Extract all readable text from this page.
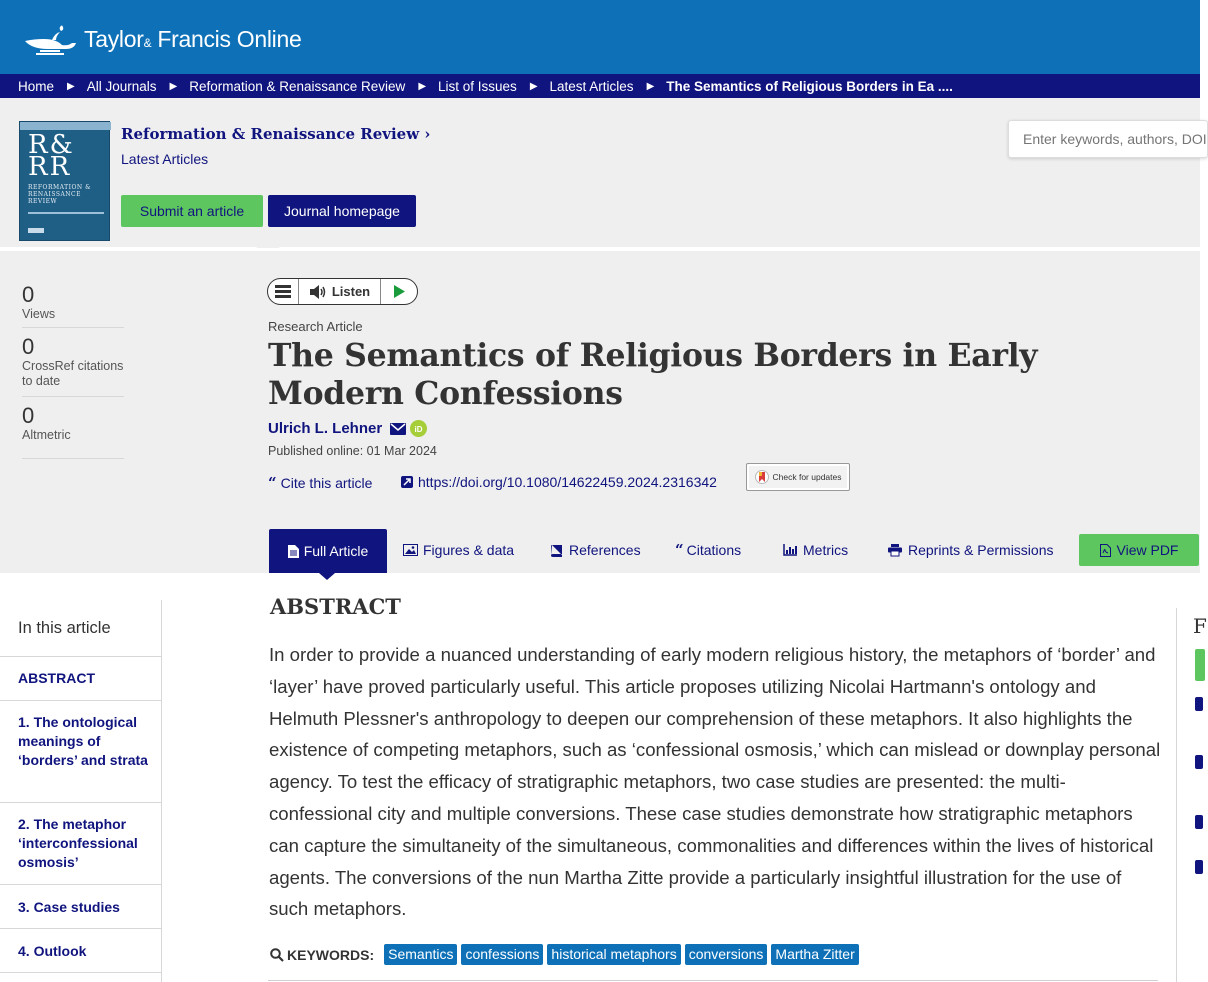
Taylor& Francis Online
Home ▶ All Journals ▶ Reformation & Renaissance Review ▶ List of Issues ▶ Latest Articles ▶ The Semantics of Religious Borders in Ea ....
R&
RR
REFORMATION & RENAISSANCE REVIEW
Reformation & Renaissance Review ›
Latest Articles
Submit an article	Journal homepage
Enter keywords, authors, DOI
0
Views
0
CrossRef citations to date
0
Altmetric
Listen
Research Article
The Semantics of Religious Borders in Early Modern Confessions
Ulrich L. Lehner	iD
Published online: 01 Mar 2024
“ Cite this article	https://doi.org/10.1080/14622459.2024.2316342	Check for updates
Full Article	Figures & data	References “ Citations	Metrics	Reprints & Permissions	View PDF
In this article
ABSTRACT
1. The ontological meanings of ‘borders’ and strata
2. The metaphor ‘interconfessional osmosis’
3. Case studies
4. Outlook
ABSTRACT

In order to provide a nuanced understanding of early modern religious history, the metaphors of ‘border’ and ‘layer’ have proved particularly useful. This article proposes utilizing Nicolai Hartmann's ontology and Helmuth Plessner's anthropology to deepen our comprehension of these metaphors. It also highlights the existence of competing metaphors, such as ‘confessional osmosis,’ which can mislead or downplay personal agency. To test the efficacy of stratigraphic metaphors, two case studies are presented: the multi-confessional city and multiple conversions. These case studies demonstrate how stratigraphic metaphors can capture the simultaneity of the simultaneous, commonalities and differences within the lives of historical agents. The conversions of the nun Martha Zitte provide a particularly insightful illustration for the use of such metaphors.

KEYWORDS: Semantics confessions historical metaphors conversions Martha Zitter
F
